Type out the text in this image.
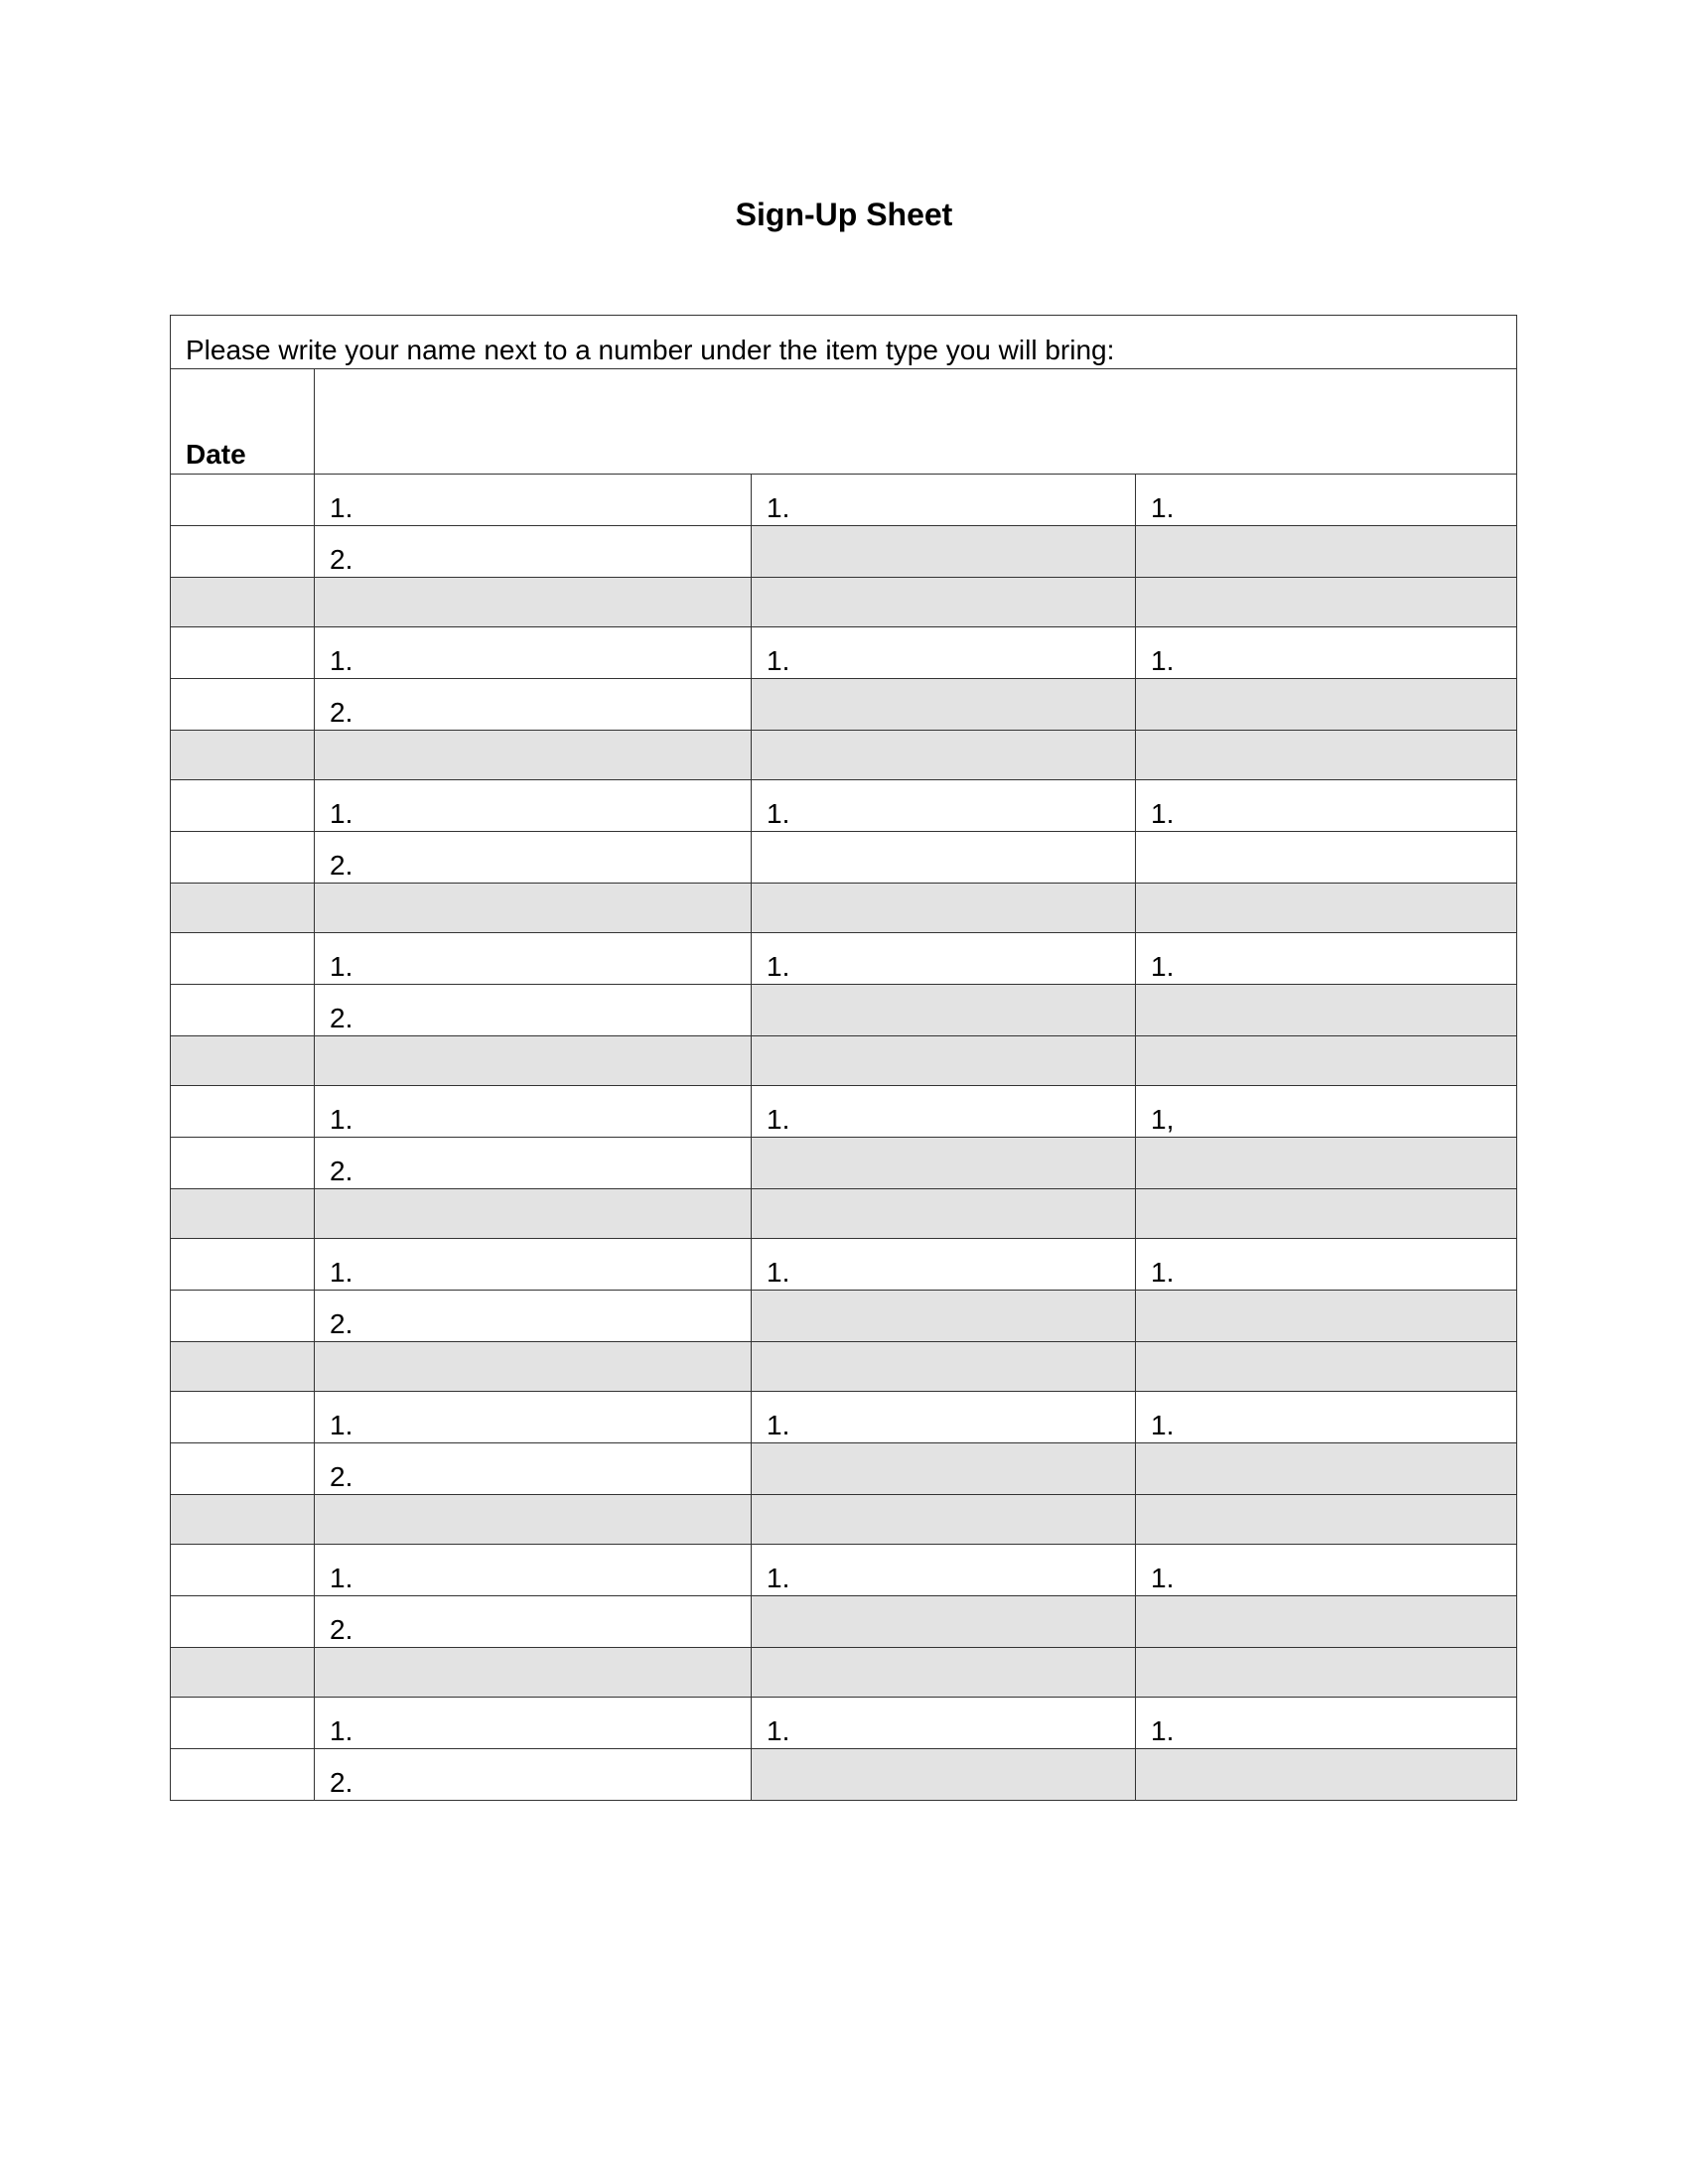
Sign-Up Sheet
Please write your name next to a number under the item type you will bring:			
Date			
	1.	1.	1.
	2.		

	1.	1.	1.
	2.		

	1.	1.	1.
	2.		

	1.	1.	1.
	2.		

	1.	1.	1,
	2.		

	1.	1.	1.
	2.		

	1.	1.	1.
	2.		

	1.	1.	1.
	2.		

	1.	1.	1.
	2.		
